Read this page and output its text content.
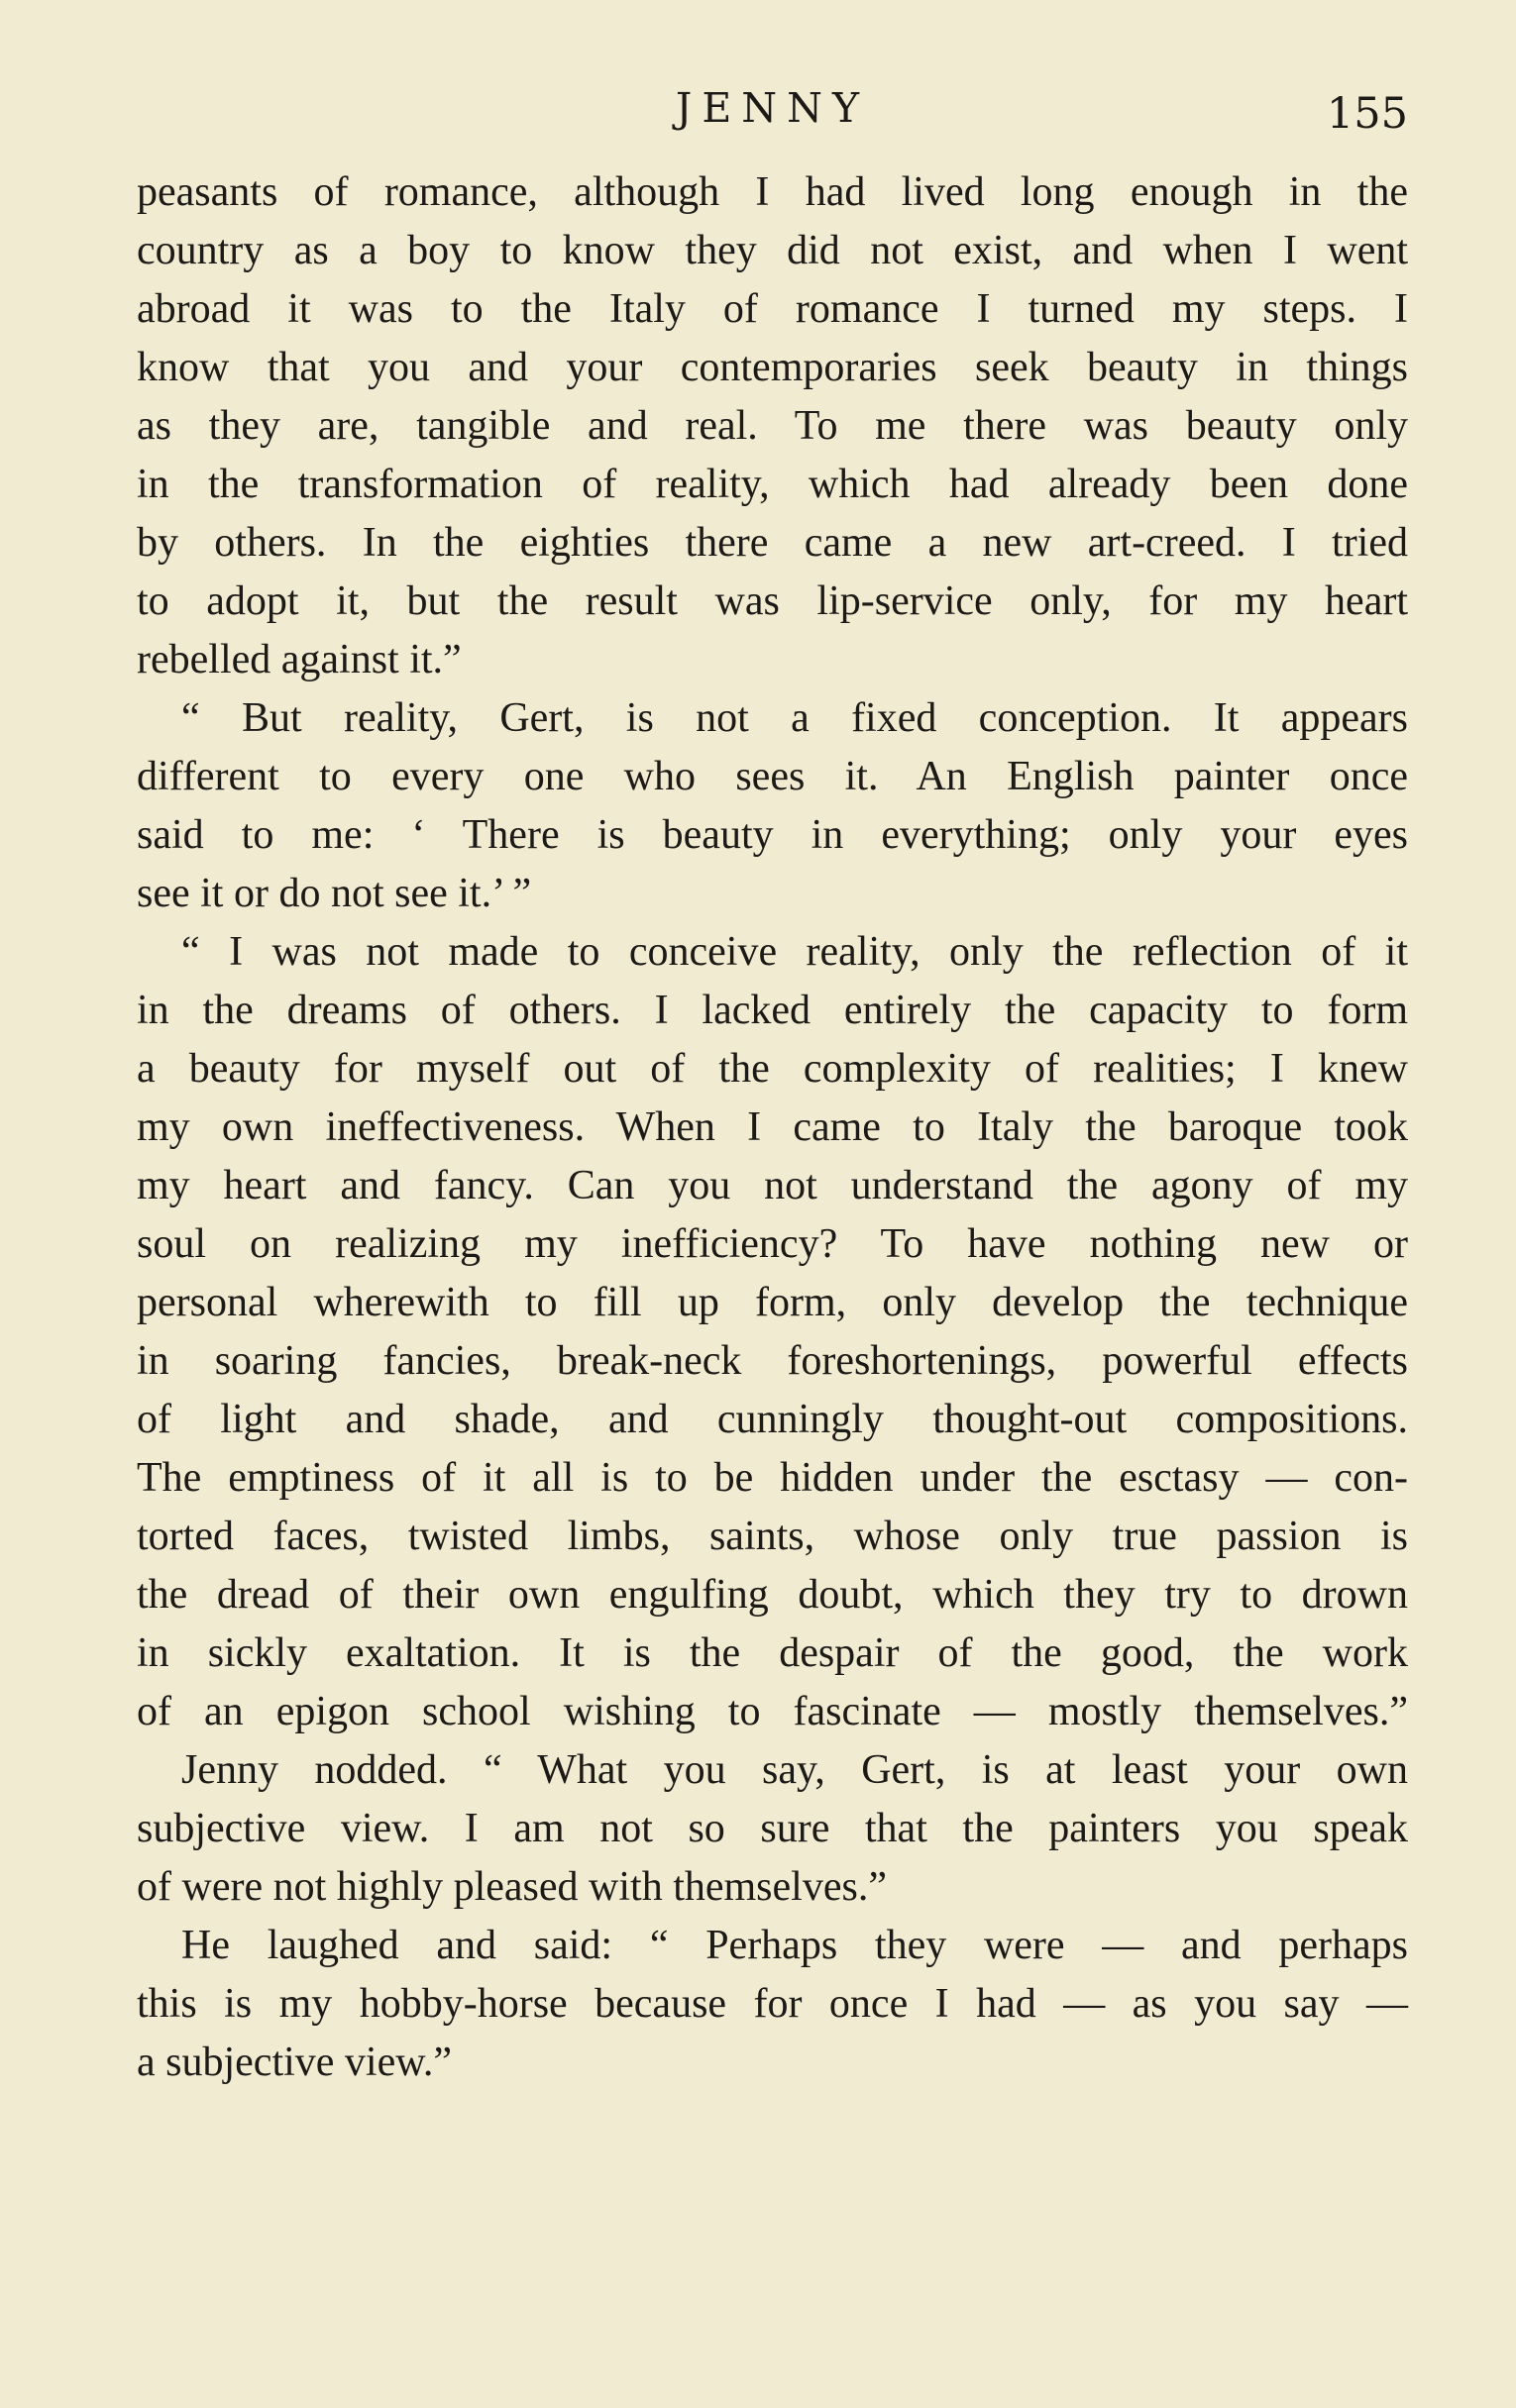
JENNY	155
peasants of romance, although I had lived long enough in the
country as a boy to know they did not exist, and when I went
abroad it was to the Italy of romance I turned my steps. I
know that you and your contemporaries seek beauty in things
as they are, tangible and real. To me there was beauty only
in the transformation of reality, which had already been done
by others. In the eighties there came a new art-creed. I tried
to adopt it, but the result was lip-service only, for my heart
rebelled against it.”
“ But reality, Gert, is not a fixed conception. It appears
different to every one who sees it. An English painter once
said to me: ‘ There is beauty in everything; only your eyes
see it or do not see it.’ ”
“ I was not made to conceive reality, only the reflection of it
in the dreams of others. I lacked entirely the capacity to form
a beauty for myself out of the complexity of realities; I knew
my own ineffectiveness. When I came to Italy the baroque took
my heart and fancy. Can you not understand the agony of my
soul on realizing my inefficiency? To have nothing new or
personal wherewith to fill up form, only develop the technique
in soaring fancies, break-neck foreshortenings, powerful effects
of light and shade, and cunningly thought-out compositions.
The emptiness of it all is to be hidden under the esctasy — con-
torted faces, twisted limbs, saints, whose only true passion is
the dread of their own engulfing doubt, which they try to drown
in sickly exaltation. It is the despair of the good, the work
of an epigon school wishing to fascinate — mostly themselves.”
Jenny nodded. “ What you say, Gert, is at least your own
subjective view. I am not so sure that the painters you speak
of were not highly pleased with themselves.”
He laughed and said: “ Perhaps they were — and perhaps
this is my hobby-horse because for once I had — as you say —
a subjective view.”
